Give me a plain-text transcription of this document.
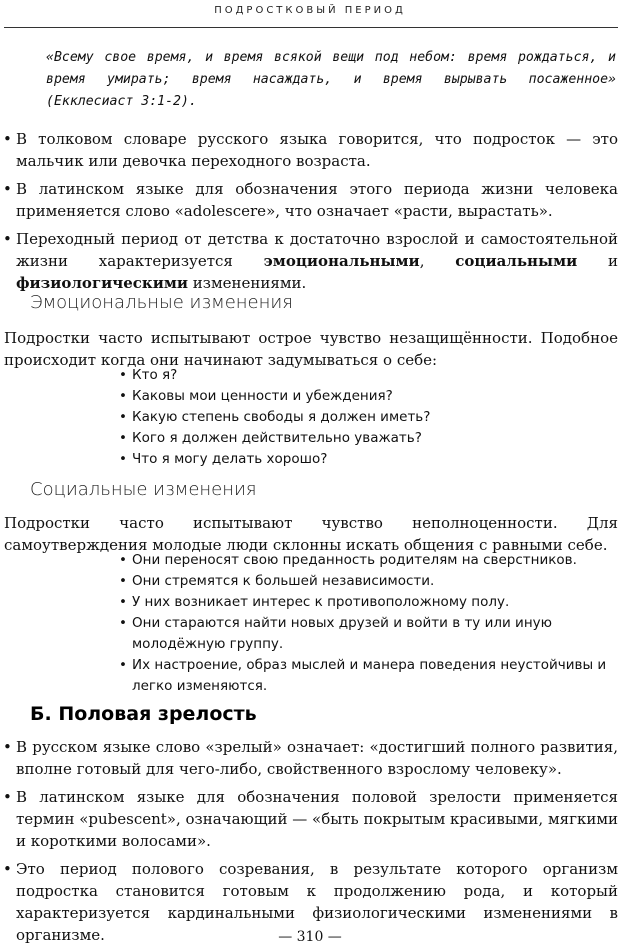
ПОДРОСТКОВЫЙ ПЕРИОД
«Всему свое время, и время всякой вещи под небом: время рождаться, и время умирать; время насаждать, и время вырывать посаженное» (Екклесиаст 3:1-2).
• В толковом словаре русского языка говорится, что подросток — это мальчик или девочка переходного возраста.
• В латинском языке для обозначения этого периода жизни человека применяется слово «adolescere», что означает «расти, вырастать».
• Переходный период от детства к достаточно взрослой и самостоятельной жизни характеризуется эмоциональными, социальными и физиологическими изменениями.
Эмоциональные изменения
Подростки часто испытывают острое чувство незащищённости. Подобное происходит когда они начинают задумываться о себе:
• Кто я?
• Каковы мои ценности и убеждения?
• Какую степень свободы я должен иметь?
• Кого я должен действительно уважать?
• Что я могу делать хорошо?
Социальные изменения
Подростки часто испытывают чувство неполноценности. Для самоутверждения молодые люди склонны искать общения с равными себе.
• Они переносят свою преданность родителям на сверстников.
• Они стремятся к большей независимости.
• У них возникает интерес к противоположному полу.
• Они стараются найти новых друзей и войти в ту или иную молодёжную группу.
• Их настроение, образ мыслей и манера поведения неустойчивы и легко изменяются.
Б. Половая зрелость
• В русском языке слово «зрелый» означает: «достигший полного развития, вполне готовый для чего-либо, свойственного взрослому человеку».
• В латинском языке для обозначения половой зрелости применяется термин «pubescent», означающий — «быть покрытым красивыми, мягкими и короткими волосами».
• Это период полового созревания, в результате которого организм подростка становится готовым к продолжению рода, и который характеризуется кардинальными физиологическими изменениями в организме.	— 310 —
